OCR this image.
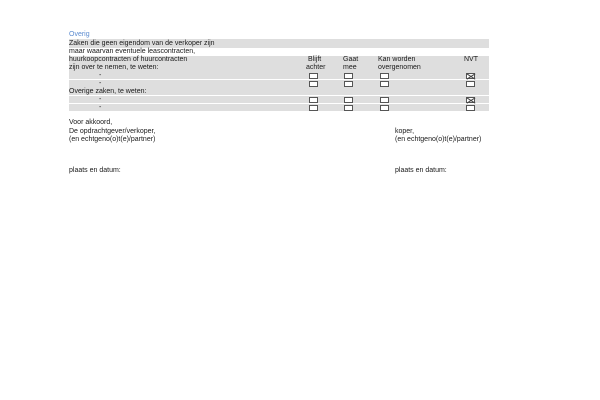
Overig
Zaken die geen eigendom van de verkoper zijn
maar waarvan eventuele leascontracten,
huurkoopcontracten of huurcontracten
zijn over te nemen, te weten:
Blijft
achter
Gaat
mee
Kan worden
overgenomen
NVT
-
-
Overige zaken, te weten:
-
-
Voor akkoord,
De opdrachtgever/verkoper,
(en echtgeno(o)t(e)/partner)
koper,
(en echtgeno(o)t(e)/partner)
plaats en datum:	plaats en datum:
